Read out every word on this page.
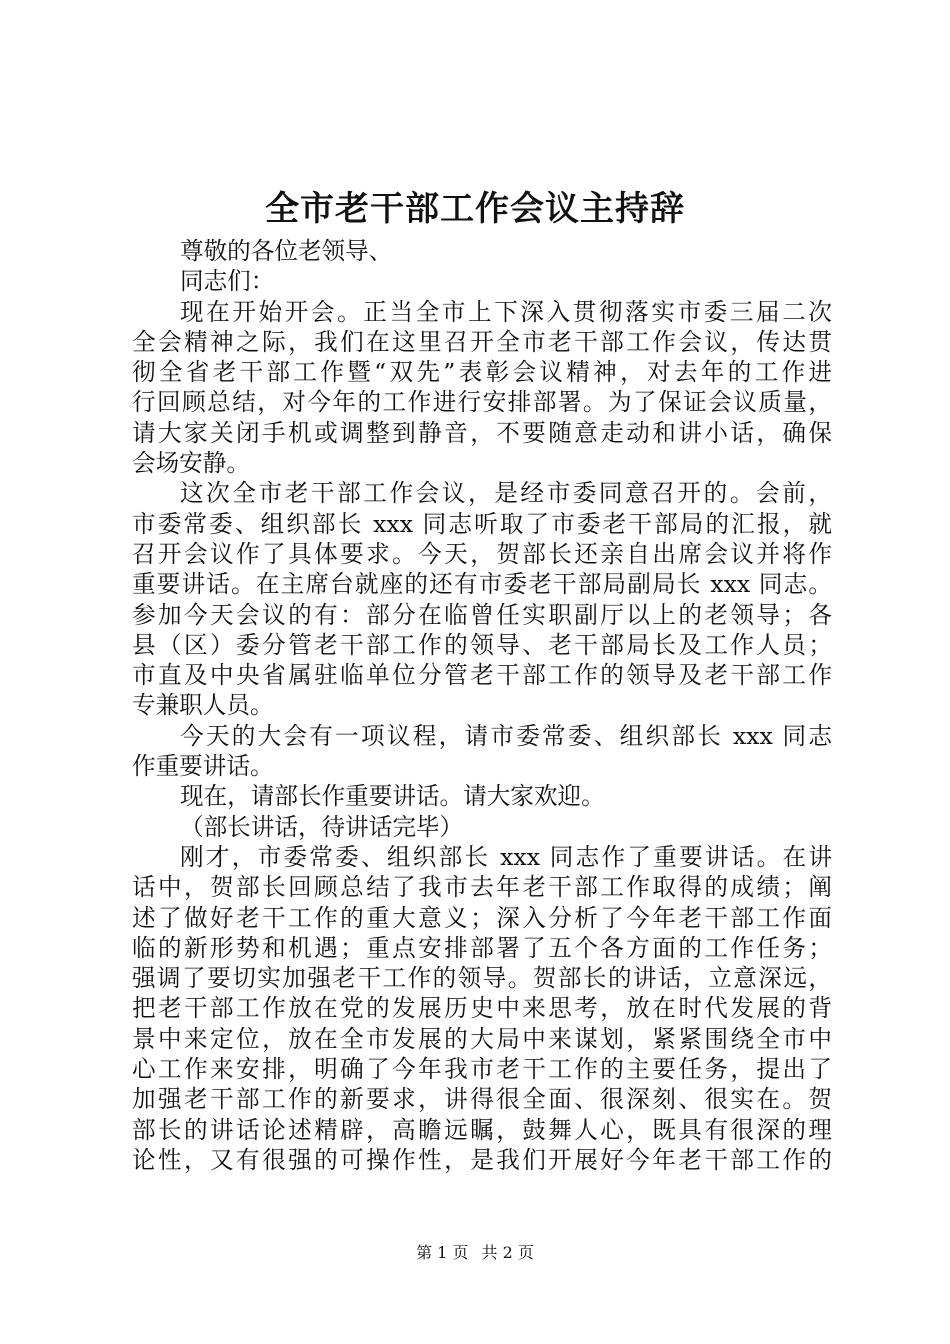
全市老干部工作会议主持辞
尊敬的各位老领导、
同志们：
现在开始开会。正当全市上下深入贯彻落实市委三届二次
全会精神之际，我们在这里召开全市老干部工作会议，传达贯
彻全省老干部工作暨“双先”表彰会议精神，对去年的工作进
行回顾总结，对今年的工作进行安排部署。为了保证会议质量，
请大家关闭手机或调整到静音，不要随意走动和讲小话，确保
会场安静。
这次全市老干部工作会议，是经市委同意召开的。会前，
市委常委、组织部长 xxx 同志听取了市委老干部局的汇报，就
召开会议作了具体要求。今天，贺部长还亲自出席会议并将作
重要讲话。在主席台就座的还有市委老干部局副局长 xxx 同志。
参加今天会议的有：部分在临曾任实职副厅以上的老领导；各
县（区）委分管老干部工作的领导、老干部局长及工作人员；
市直及中央省属驻临单位分管老干部工作的领导及老干部工作
专兼职人员。
今天的大会有一项议程，请市委常委、组织部长 xxx 同志
作重要讲话。
现在，请部长作重要讲话。请大家欢迎。
（部长讲话，待讲话完毕）
刚才，市委常委、组织部长 xxx 同志作了重要讲话。在讲
话中，贺部长回顾总结了我市去年老干部工作取得的成绩；阐
述了做好老干工作的重大意义；深入分析了今年老干部工作面
临的新形势和机遇；重点安排部署了五个各方面的工作任务；
强调了要切实加强老干工作的领导。贺部长的讲话，立意深远，
把老干部工作放在党的发展历史中来思考，放在时代发展的背
景中来定位，放在全市发展的大局中来谋划，紧紧围绕全市中
心工作来安排，明确了今年我市老干工作的主要任务，提出了
加强老干部工作的新要求，讲得很全面、很深刻、很实在。贺
部长的讲话论述精辟，高瞻远瞩，鼓舞人心，既具有很深的理
论性，又有很强的可操作性，是我们开展好今年老干部工作的
第 1 页 共 2 页
